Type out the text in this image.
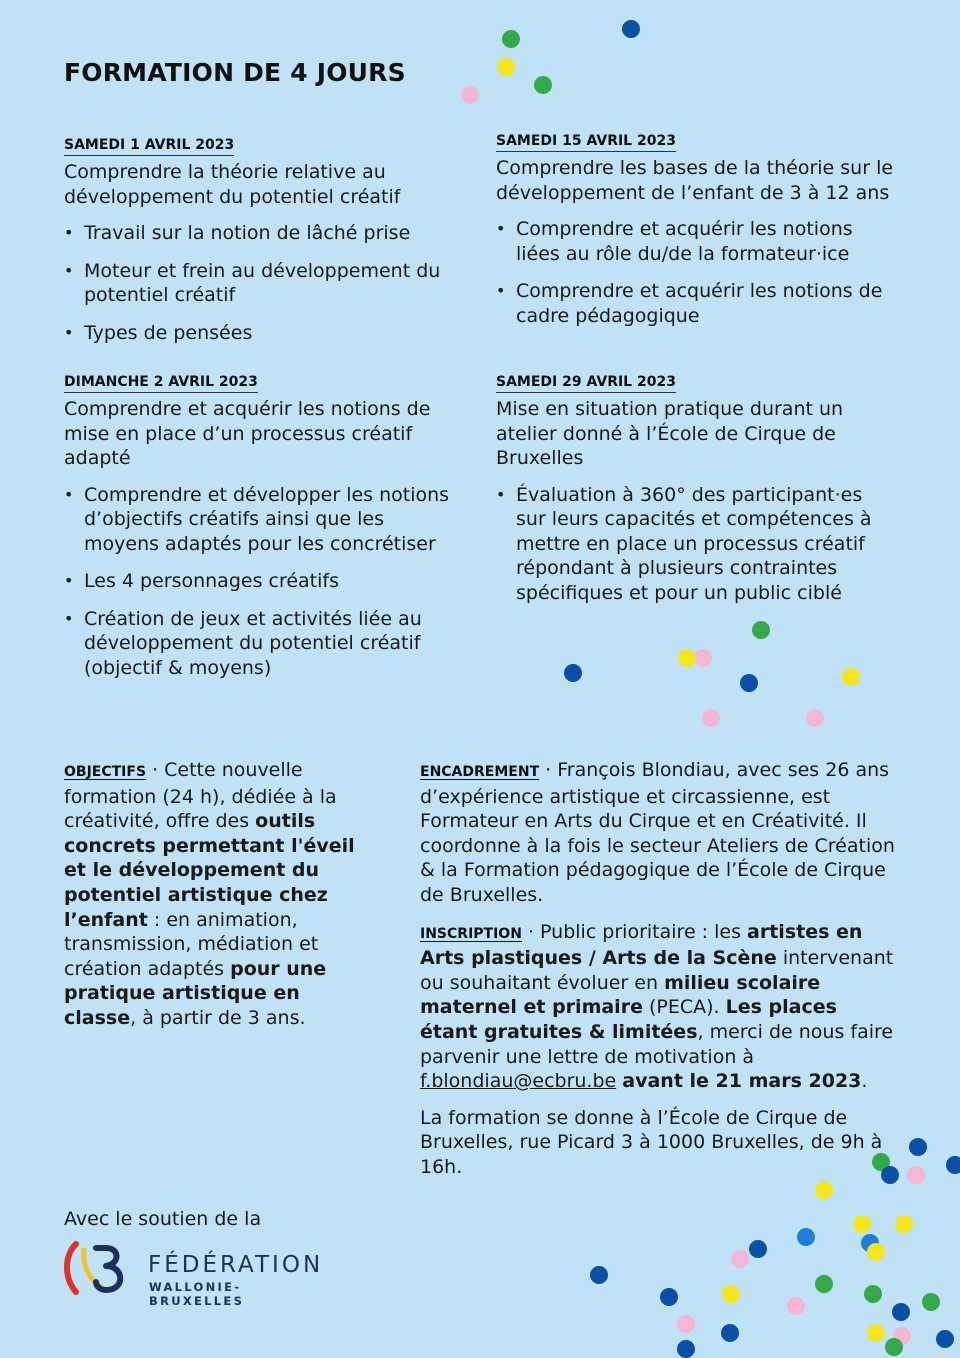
FORMATION DE 4 JOURS
SAMEDI 1 AVRIL 2023
Comprendre la théorie relative au développement du potentiel créatif
• Travail sur la notion de lâché prise
• Moteur et frein au développement du potentiel créatif
• Types de pensées
DIMANCHE 2 AVRIL 2023
Comprendre et acquérir les notions de mise en place d’un processus créatif adapté
• Comprendre et développer les notions d’objectifs créatifs ainsi que les moyens adaptés pour les concrétiser
• Les 4 personnages créatifs
• Création de jeux et activités liée au développement du potentiel créatif (objectif & moyens)
SAMEDI 15 AVRIL 2023
Comprendre les bases de la théorie sur le développement de l’enfant de 3 à 12 ans
• Comprendre et acquérir les notions liées au rôle du/de la formateur·ice
• Comprendre et acquérir les notions de cadre pédagogique
SAMEDI 29 AVRIL 2023
Mise en situation pratique durant un atelier donné à l’École de Cirque de Bruxelles
• Évaluation à 360° des participant·es sur leurs capacités et compétences à mettre en place un processus créatif répondant à plusieurs contraintes spécifiques et pour un public ciblé

OBJECTIFS · Cette nouvelle formation (24 h), dédiée à la créativité, offre des outils concrets permettant l'éveil et le développement du potentiel artistique chez l’enfant : en animation, transmission, médiation et création adaptés pour une pratique artistique en classe, à partir de 3 ans.

ENCADREMENT · François Blondiau, avec ses 26 ans d’expérience artistique et circassienne, est Formateur en Arts du Cirque et en Créativité. Il coordonne à la fois le secteur Ateliers de Création & la Formation pédagogique de l’École de Cirque de Bruxelles.

INSCRIPTION · Public prioritaire : les artistes en Arts plastiques / Arts de la Scène intervenant ou souhaitant évoluer en milieu scolaire maternel et primaire (PECA). Les places étant gratuites & limitées, merci de nous faire parvenir une lettre de motivation à f.blondiau@ecbru.be avant le 21 mars 2023.

La formation se donne à l’École de Cirque de Bruxelles, rue Picard 3 à 1000 Bruxelles, de 9h à 16h.

Avec le soutien de la
FÉDÉRATION
WALLONIE-BRUXELLES
